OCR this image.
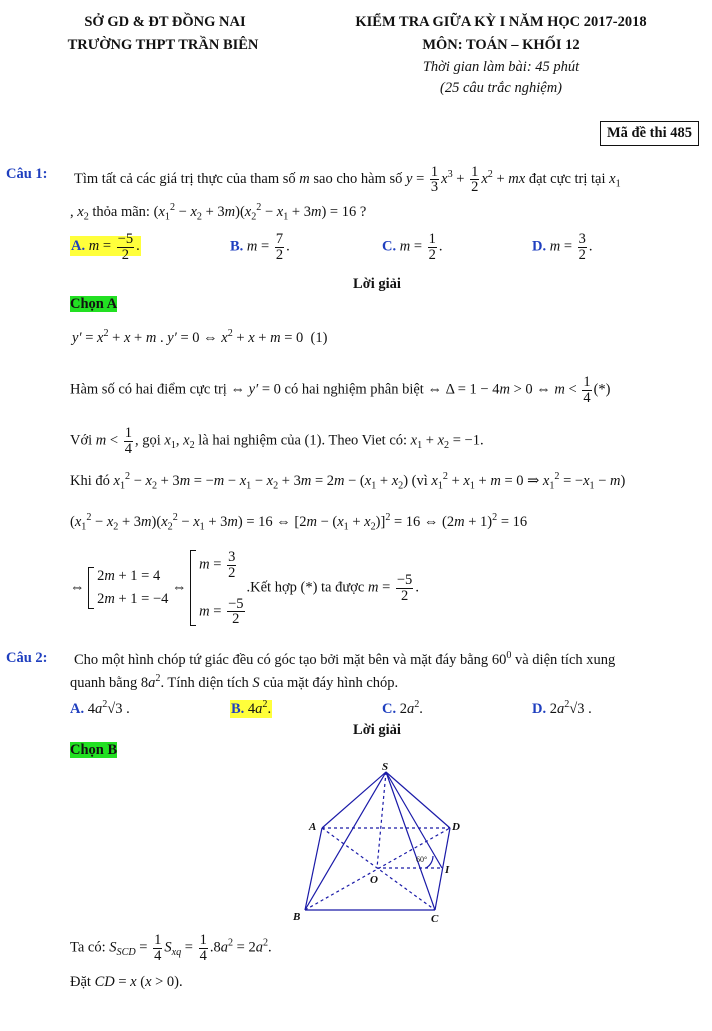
SỞ GD & ĐT ĐỒNG NAI
TRƯỜNG THPT TRẦN BIÊN
KIỂM TRA GIỮA KỲ I NĂM HỌC 2017-2018
MÔN: TOÁN – KHỐI 12
Thời gian làm bài: 45 phút
(25 câu trắc nghiệm)
Mã đề thi 485
Câu 1: Tìm tất cả các giá trị thực của tham số m sao cho hàm số $y = \frac{1}{3} x^3 + \frac{1}{2} x^2$ + mx đạt cực trị tại $x_1$
, $x_2$ thỏa mãn: $(x_1^2 - x_2 + 3m)(x_2^2 - x_1 + 3m) = 16$ ?
A. $m = \frac{-5}{2}$ .	B. $m = \frac{7}{2}$ .	C. $m = \frac{1}{2}$ .	D. $m = \frac{3}{2}$ .
Lời giải
Chọn A
$y' = x^2 + x + m$ . y′ = 0 ⇔ $x^2 + x + m = 0$  (1)
Hàm số có hai điểm cực trị ⇔ y′ = 0 có hai nghiệm phân biệt ⇔ Δ = 1 − 4m > 0 ⇔ $m < \frac{1}{4}$ (*)
Với $m < \frac{1}{4}$ , gọi $x_1$, $x_2$ là hai nghiệm của (1). Theo Viet có: $x_1 + x_2 = -1$.
Khi đó $x_1^2 - x_2 + 3m = -m - x_1 - x_2 + 3m = 2m - (x_1 + x_2)$ (vì $x_1^2 + x_1 + m = 0$ ⇒ $x_1^2 = -x_1 - m$)
$(x_1^2 - x_2 + 3m)(x_2^2 - x_1 + 3m) = 16$ ⇔ $[2m - (x_1 + x_2)]^2 = 16$ ⇔ $(2m + 1)^2 = 16$
⇔ 2m + 1 = 4
2m + 1 = −4 ⇔ $m = \frac{3}{2}$

$m = \frac{-5}{2}$
.Kết hợp (*) ta được $m = \frac{-5}{2}$ .
Câu 2: Cho một hình chóp tứ giác đều có góc tạo bởi mặt bên và mặt đáy bằng $60^0$ và diện tích xung
quanh bằng $8a^2$. Tính diện tích S của mặt đáy hình chóp.
A. $4a^2√3$ .	B. $4a^2$.	C. $2a^2$.	D. $2a^2√3$ .
Lời giải
Chọn B
S
A
B	C
D
O
I
60°
Ta có: $S_{SCD} = \frac{1}{4} S_{xq} = \frac{1}{4} .8a^2 = 2a^2$.
Đặt CD = x (x > 0).
